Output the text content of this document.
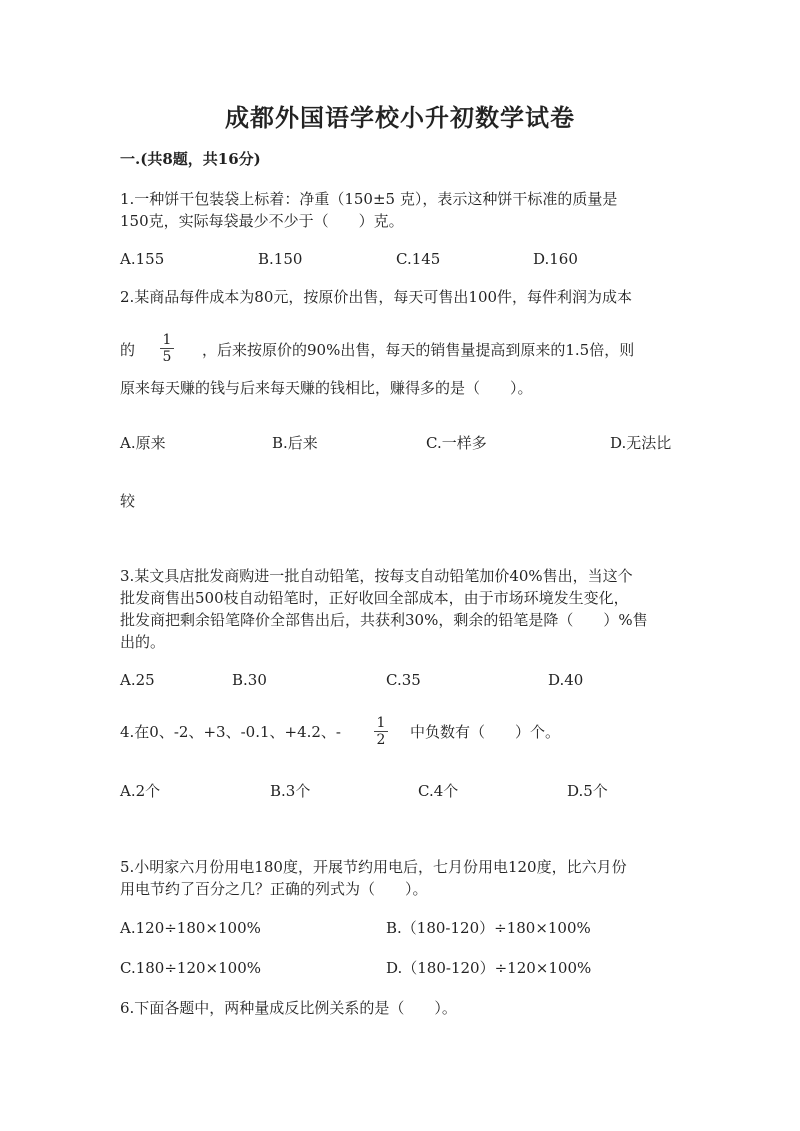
成都外国语学校小升初数学试卷
一.(共8题，共16分)
1.一种饼干包装袋上标着：净重（150±5 克），表示这种饼干标准的质量是
150克，实际每袋最少不少于（　　）克。
A.155	B.150	C.145	D.160
2.某商品每件成本为80元，按原价出售，每天可售出100件，每件利润为成本
的
1
5 ，后来按原价的90%出售，每天的销售量提高到原来的1.5倍，则
原来每天赚的钱与后来每天赚的钱相比，赚得多的是（　　）。
A.原来	B.后来	C.一样多	D.无法比
较
3.某文具店批发商购进一批自动铅笔，按每支自动铅笔加价40%售出，当这个
批发商售出500枝自动铅笔时，正好收回全部成本，由于市场环境发生变化，
批发商把剩余铅笔降价全部售出后，共获利30%，剩余的铅笔是降（　　）%售
出的。
A.25	B.30	C.35	D.40
4.在0、-2、+3、-0.1、+4.2、-	1
2 中负数有（　　）个。
A.2个	B.3个	C.4个	D.5个
5.小明家六月份用电180度，开展节约用电后，七月份用电120度，比六月份
用电节约了百分之几？正确的列式为（　　）。
A.120÷180×100%	B.（180-120）÷180×100%
C.180÷120×100%	D.（180-120）÷120×100%
6.下面各题中，两种量成反比例关系的是（　　）。
